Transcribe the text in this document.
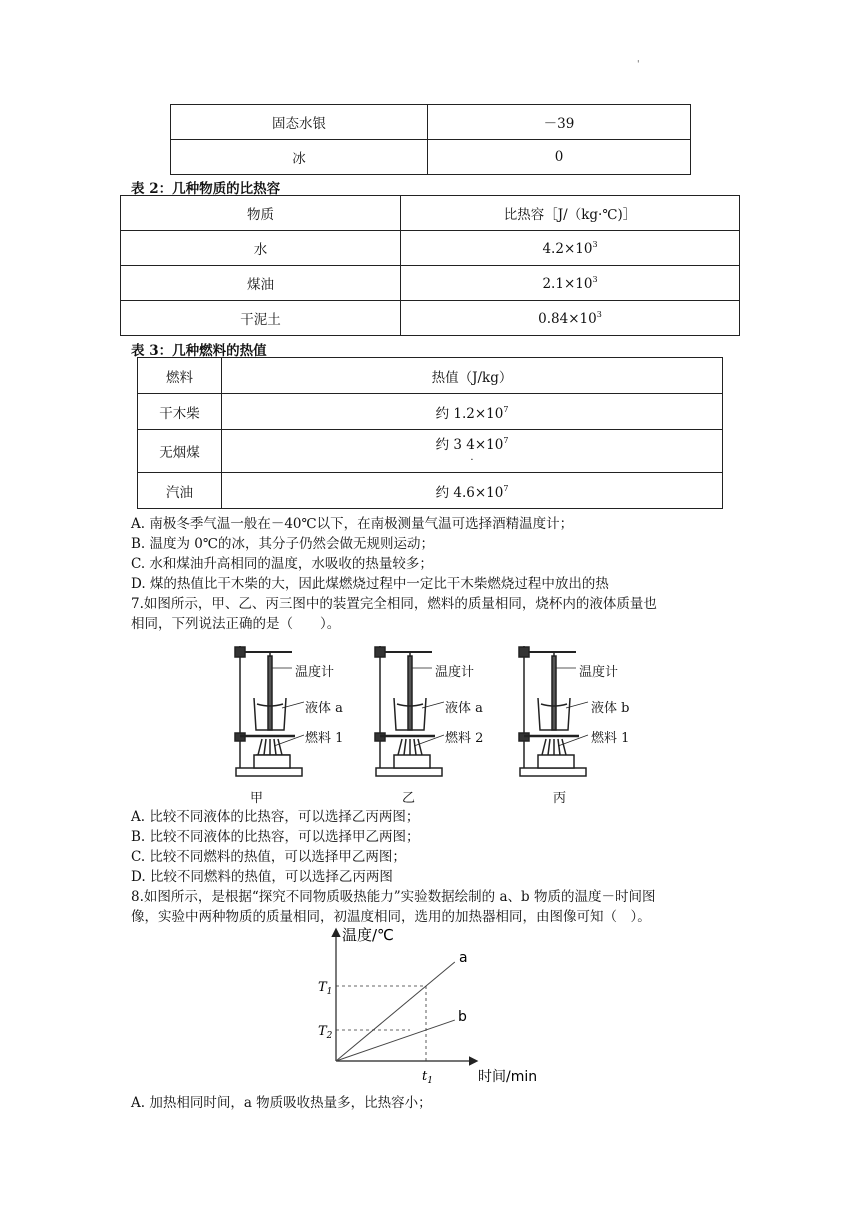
'
固态水银	－39
冰	0
表 2：几种物质的比热容
物质	比热容［J/（kg·℃)］
水	$4.2\times 10^3$
煤油	$2.1\times 10^3$
干泥土	$0.84\times 10^3$
表 3：几种燃料的热值
燃料	热值（J/kg）
干木柴	约 $1.2\times 10^7$
无烟煤	约 3 $4\times 10^7$
·
汽油	约 $4.6\times 10^7$
A. 南极冬季气温一般在－40℃以下，在南极测量气温可选择酒精温度计；
B. 温度为 0℃的冰，其分子仍然会做无规则运动；
C. 水和煤油升高相同的温度，水吸收的热量较多；
D. 煤的热值比干木柴的大，因此煤燃烧过程中一定比干木柴燃烧过程中放出的热
7.如图所示，甲、乙、丙三图中的装置完全相同，燃料的质量相同，烧杯内的液体质量也
相同，下列说法正确的是（　　）。
温度计
液体 a
燃料 1
甲
温度计
液体 a
燃料 2
乙
温度计
液体 b
燃料 1
丙
A. 比较不同液体的比热容，可以选择乙丙两图；
B. 比较不同液体的比热容，可以选择甲乙两图；
C. 比较不同燃料的热值，可以选择甲乙两图；
D. 比较不同燃料的热值，可以选择乙丙两图
8.如图所示，是根据“探究不同物质吸热能力”实验数据绘制的 a、b 物质的温度－时间图
像，实验中两种物质的质量相同，初温度相同，选用的加热器相同，由图像可知（　）。
温度/℃
时间/min
a
b
$T_1$
$T_2$
$t_1$
A. 加热相同时间，a 物质吸收热量多，比热容小；
